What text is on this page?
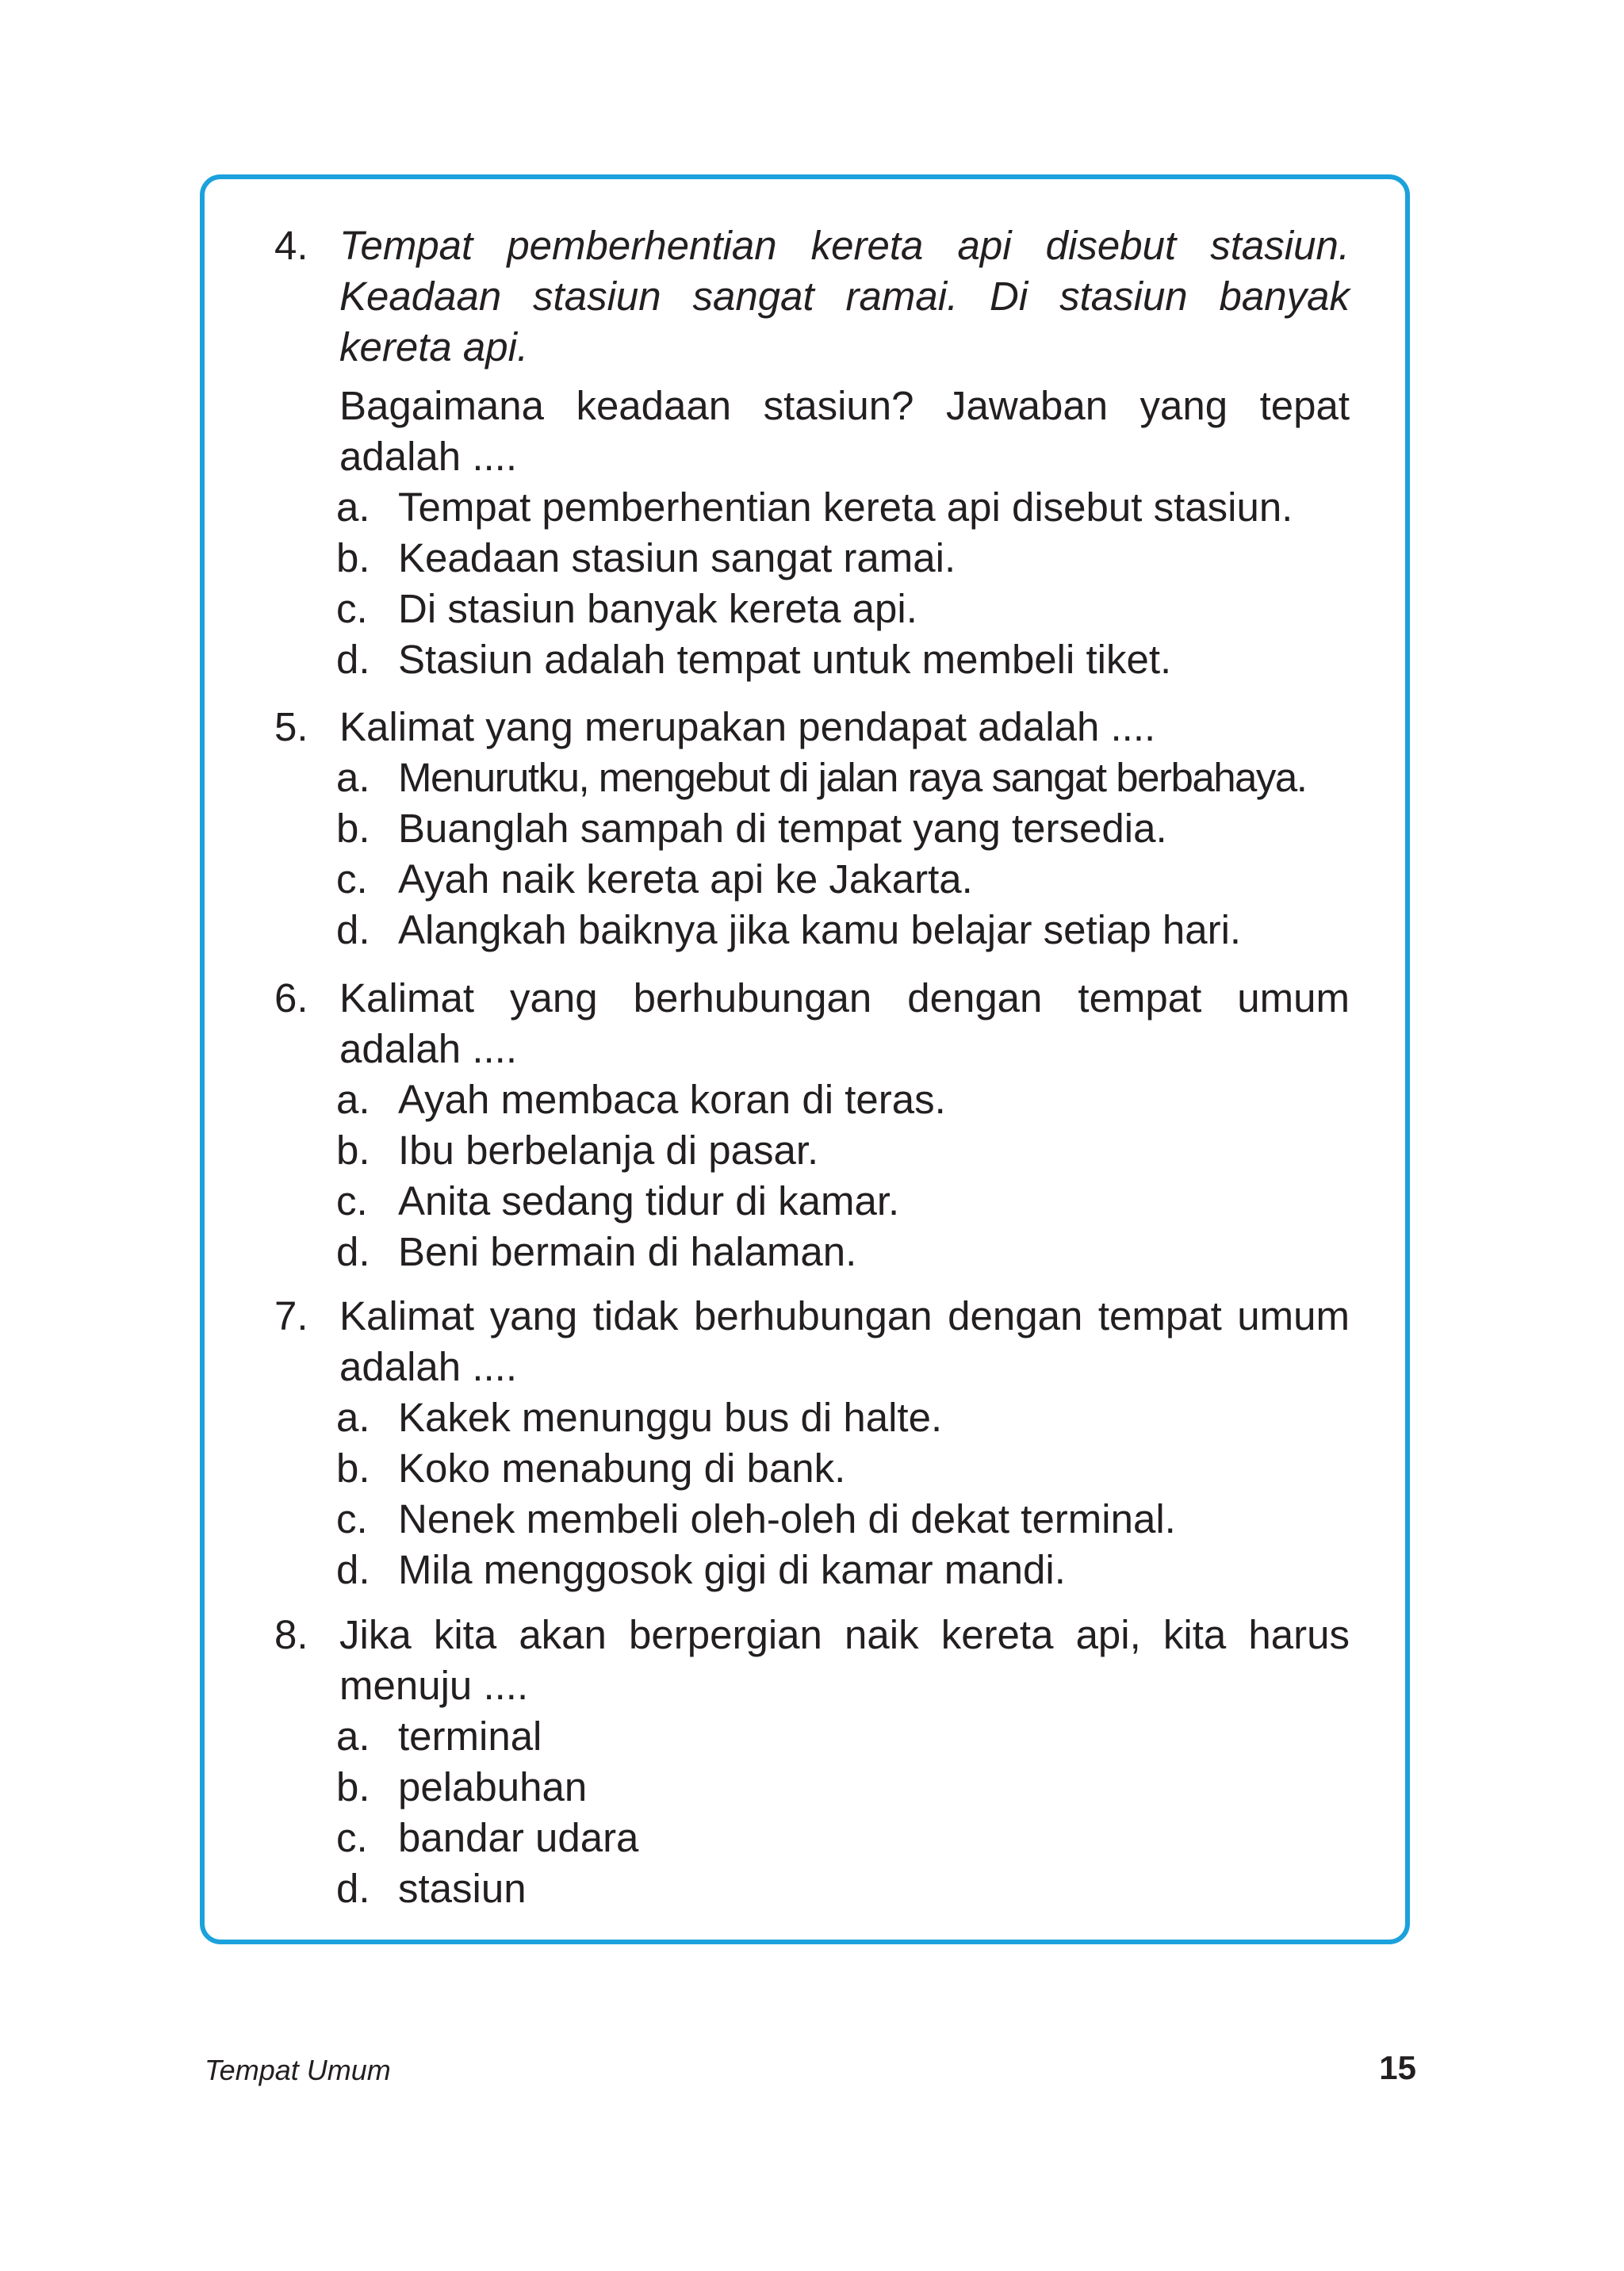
4. Tempat pemberhentian kereta api disebut stasiun. Keadaan stasiun sangat ramai. Di stasiun banyak kereta api.
Bagaimana keadaan stasiun? Jawaban yang tepat adalah ....
a. Tempat pemberhentian kereta api disebut stasiun.
b. Keadaan stasiun sangat ramai.
c. Di stasiun banyak kereta api.
d. Stasiun adalah tempat untuk membeli tiket.
5. Kalimat yang merupakan pendapat adalah ....
a. Menurutku, mengebut di jalan raya sangat berbahaya.
b. Buanglah sampah di tempat yang tersedia.
c. Ayah naik kereta api ke Jakarta.
d. Alangkah baiknya jika kamu belajar setiap hari.
6. Kalimat yang berhubungan dengan tempat umum adalah ....
a. Ayah membaca koran di teras.
b. Ibu berbelanja di pasar.
c. Anita sedang tidur di kamar.
d. Beni bermain di halaman.
7. Kalimat yang tidak berhubungan dengan tempat umum adalah ....
a. Kakek menunggu bus di halte.
b. Koko menabung di bank.
c. Nenek membeli oleh-oleh di dekat terminal.
d. Mila menggosok gigi di kamar mandi.
8. Jika kita akan berpergian naik kereta api, kita harus menuju ....
a. terminal
b. pelabuhan
c. bandar udara
d. stasiun
Tempat Umum	15
